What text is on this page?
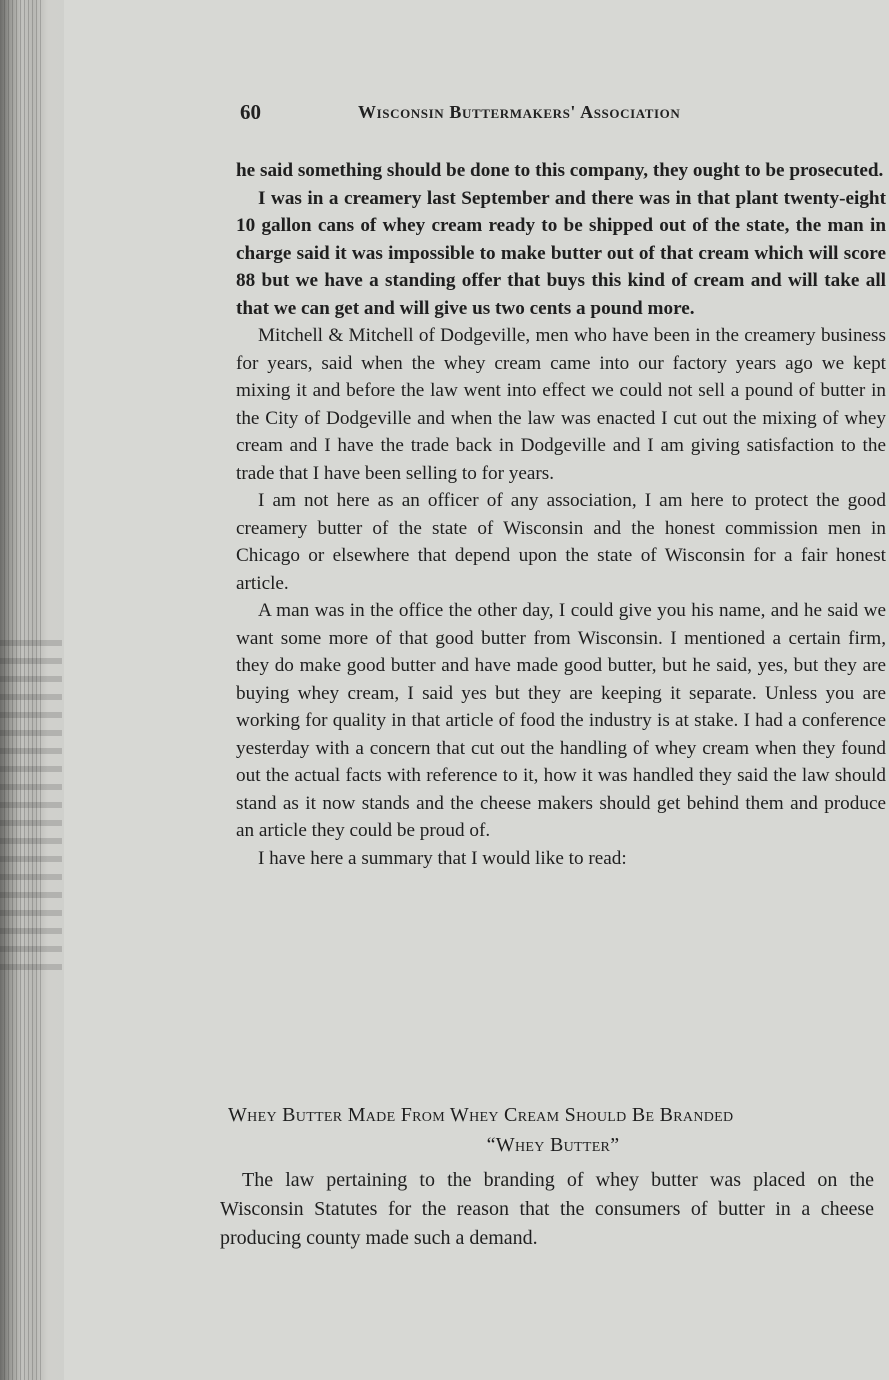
60	Wisconsin Buttermakers' Association

he said something should be done to this company, they ought to be prosecuted.

I was in a creamery last September and there was in that plant twenty-eight 10 gallon cans of whey cream ready to be shipped out of the state, the man in charge said it was impossible to make butter out of that cream which will score 88 but we have a standing offer that buys this kind of cream and will take all that we can get and will give us two cents a pound more.

Mitchell & Mitchell of Dodgeville, men who have been in the creamery business for years, said when the whey cream came into our factory years ago we kept mixing it and before the law went into effect we could not sell a pound of butter in the City of Dodgeville and when the law was enacted I cut out the mixing of whey cream and I have the trade back in Dodgeville and I am giving satisfaction to the trade that I have been selling to for years.

I am not here as an officer of any association, I am here to protect the good creamery butter of the state of Wisconsin and the honest commission men in Chicago or elsewhere that depend upon the state of Wisconsin for a fair honest article.

A man was in the office the other day, I could give you his name, and he said we want some more of that good butter from Wisconsin. I mentioned a certain firm, they do make good butter and have made good butter, but he said, yes, but they are buying whey cream, I said yes but they are keeping it separate. Unless you are working for quality in that article of food the industry is at stake. I had a conference yesterday with a concern that cut out the handling of whey cream when they found out the actual facts with reference to it, how it was handled they said the law should stand as it now stands and the cheese makers should get behind them and produce an article they could be proud of.

I have here a summary that I would like to read:

Whey Butter Made From Whey Cream Should Be Branded
“Whey Butter”

The law pertaining to the branding of whey butter was placed on the Wisconsin Statutes for the reason that the consumers of butter in a cheese producing county made such a demand.
